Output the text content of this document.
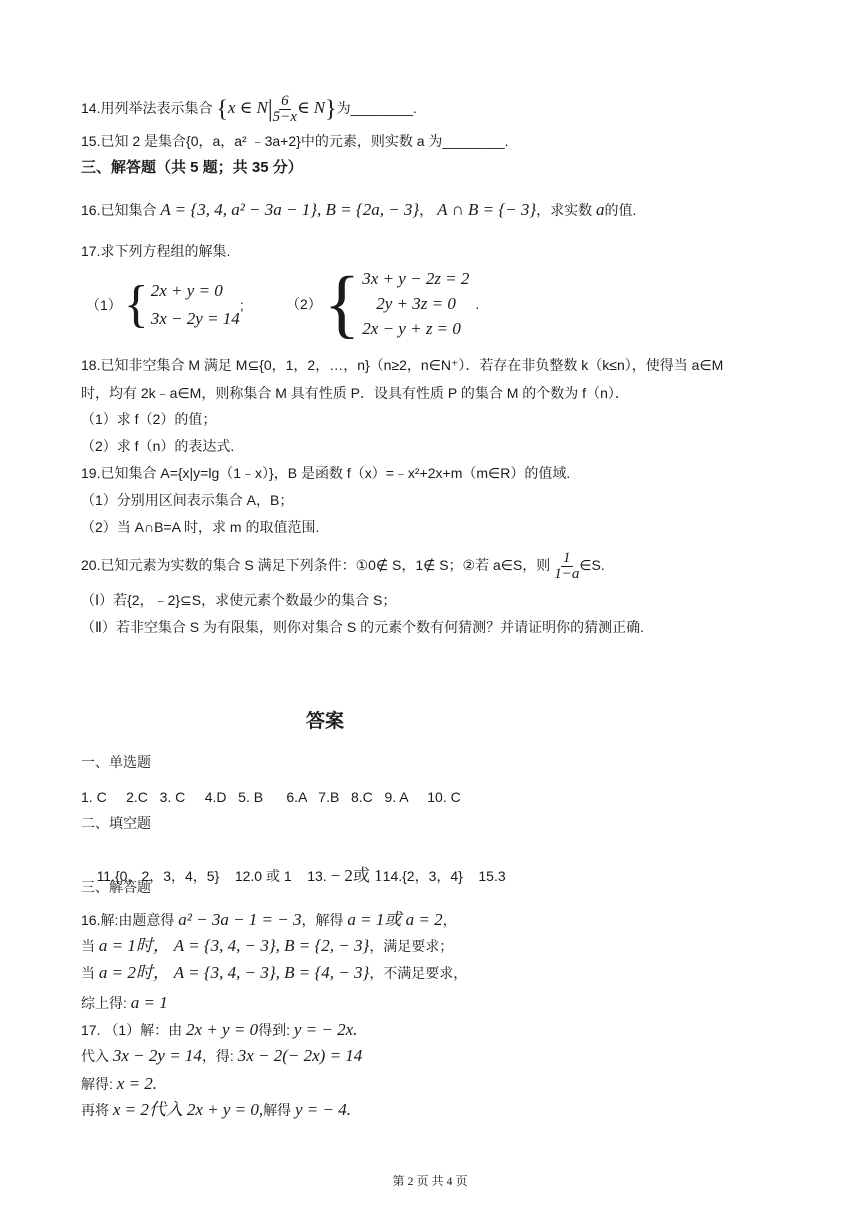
14.用列举法表示集合 {x ∈ $N| \frac{6}{5-x}$ ∈ N}为________.
15.已知 2 是集合{0，a，a² ﹣3a+2}中的元素，则实数 a 为________.
三、解答题（共 5 题；共 35 分）
16.已知集合 A = {3, 4, a² − 3a − 1}, B = {2a, − 3}， A ∩ B = {− 3}，求实数 a的值.
17.求下列方程组的解集.
（1） { 2x + y = 0
3x − 2y = 14
;	（2） { 3x + y − 2z = 2
2y + 3z = 0
2x − y + z = 0
.
18.已知非空集合 M 满足 M⊆{0，1，2，…，n}（n≥2，n∈N⁺）．若存在非负整数 k（k≤n），使得当 a∈M
时，均有 2k﹣a∈M，则称集合 M 具有性质 P．设具有性质 P 的集合 M 的个数为 f（n）．
（1）求 f（2）的值；
（2）求 f（n）的表达式.
19.已知集合 A={x|y=lg（1﹣x）}，B 是函数 f（x）=﹣x²+2x+m（m∈R）的值域.
（1）分别用区间表示集合 A，B；
（2）当 A∩B=A 时，求 m 的取值范围.
20.已知元素为实数的集合 S 满足下列条件：①0∉ S，1∉ S；②若 a∈S，则 $\frac{1}{1-a}$ ∈S.
（Ⅰ）若{2，﹣2}⊆S，求使元素个数最少的集合 S；
（Ⅱ）若非空集合 S 为有限集，则你对集合 S 的元素个数有何猜测？并请证明你的猜测正确.
答案
一、单选题
1. C     2.C   3. C     4.D   5. B      6.A   7.B   8.C   9. A     10. C
二、填空题

11.{0，2，3，4，5}    12.0 或 1    13. − 2或 114.{2，3，4}    15.3

三、解答题
16.解:由题意得 a² − 3a − 1 = − 3，解得 a = 1或 a = 2，
当 a = 1时， A = {3, 4, − 3}, B = {2, − 3}，满足要求；
当 a = 2时， A = {3, 4, − 3}, B = {4, − 3}，不满足要求，
综上得: a = 1
17. （1）解：由 2x + y = 0得到: y = − 2x.
代入 3x − 2y = 14，得: 3x − 2(− 2x) = 14
解得: x = 2.
再将 x = 2代入 2x + y = 0,解得 y = − 4.
第 2 页 共 4 页
